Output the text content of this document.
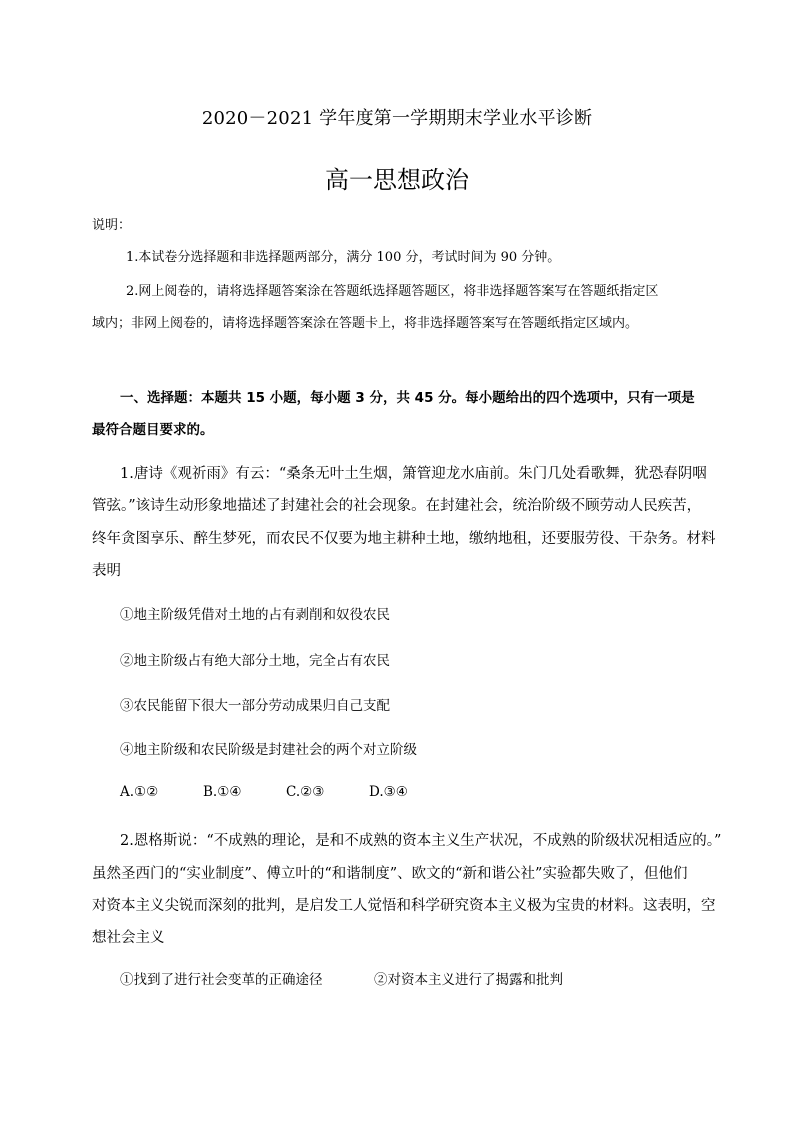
2020－2021 学年度第一学期期末学业水平诊断
高一思想政治
说明：
1.本试卷分选择题和非选择题两部分，满分 100 分，考试时间为 90 分钟。
2.网上阅卷的，请将选择题答案涂在答题纸选择题答题区，将非选择题答案写在答题纸指定区
域内；非网上阅卷的，请将选择题答案涂在答题卡上，将非选择题答案写在答题纸指定区域内。
一、选择题：本题共 15 小题，每小题 3 分，共 45 分。每小题给出的四个选项中，只有一项是
最符合题目要求的。
1.唐诗《观祈雨》有云：“桑条无叶土生烟，箫管迎龙水庙前。朱门几处看歌舞，犹恐春阴咽
管弦。”该诗生动形象地描述了封建社会的社会现象。在封建社会，统治阶级不顾劳动人民疾苦，
终年贪图享乐、醉生梦死，而农民不仅要为地主耕种土地，缴纳地租，还要服劳役、干杂务。材料
表明
①地主阶级凭借对土地的占有剥削和奴役农民
②地主阶级占有绝大部分土地，完全占有农民
③农民能留下很大一部分劳动成果归自己支配
④地主阶级和农民阶级是封建社会的两个对立阶级
A.①②	B.①④	C.②③	D.③④
2.恩格斯说：“不成熟的理论，是和不成熟的资本主义生产状况，不成熟的阶级状况相适应的。”
虽然圣西门的“实业制度”、傅立叶的“和谐制度”、欧文的“新和谐公社”实验都失败了，但他们
对资本主义尖锐而深刻的批判，是启发工人觉悟和科学研究资本主义极为宝贵的材料。这表明，空
想社会主义
①找到了进行社会变革的正确途径	②对资本主义进行了揭露和批判
